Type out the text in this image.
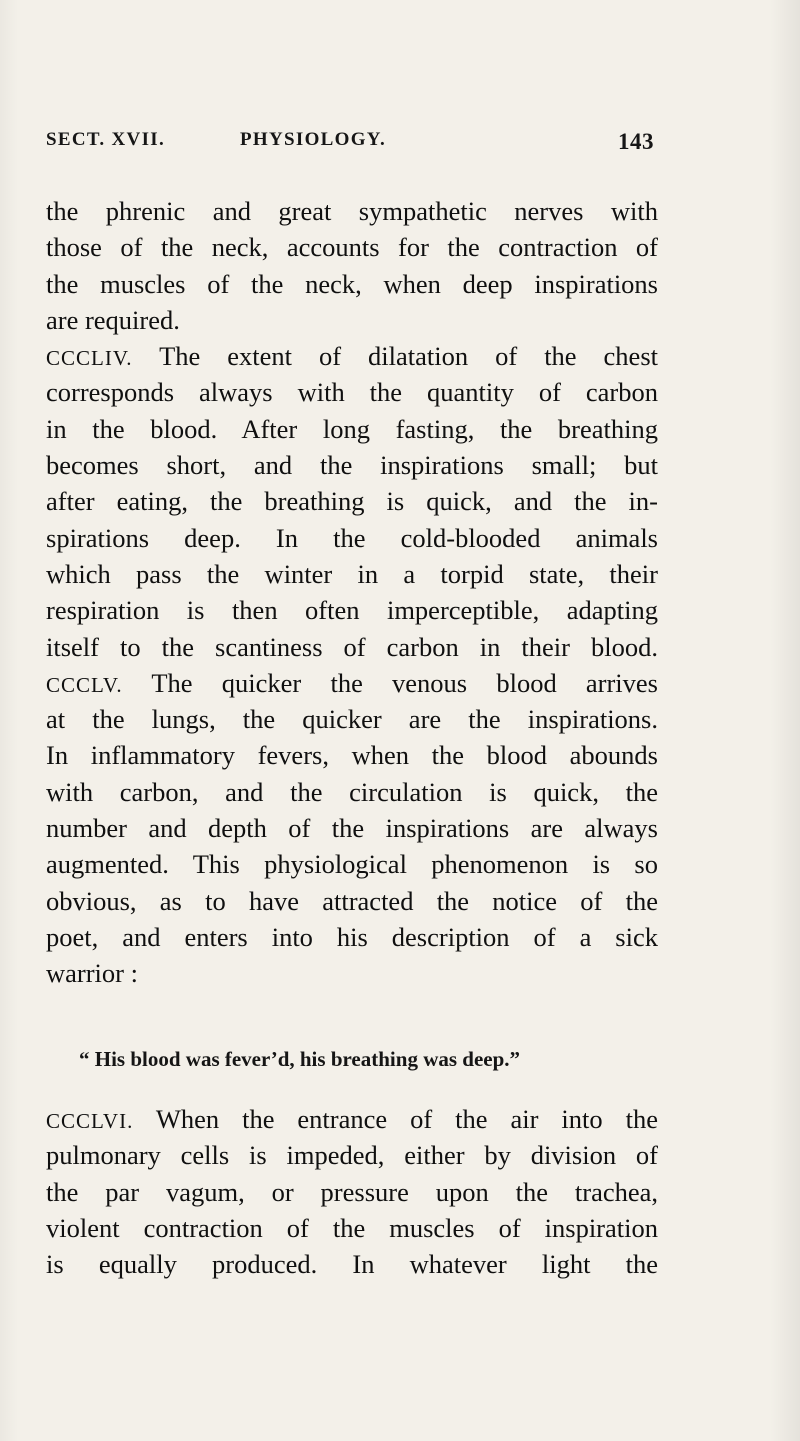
SECT. XVII.	PHYSIOLOGY.	143
the phrenic and great sympathetic nerves with
those of the neck, accounts for the contraction of
the muscles of the neck, when deep inspirations
are required.
CCCLIV. The extent of dilatation of the chest
corresponds always with the quantity of carbon
in the blood. After long fasting, the breathing
becomes short, and the inspirations small; but
after eating, the breathing is quick, and the in-
spirations deep. In the cold-blooded animals
which pass the winter in a torpid state, their
respiration is then often imperceptible, adapting
itself to the scantiness of carbon in their blood.
CCCLV. The quicker the venous blood arrives
at the lungs, the quicker are the inspirations.
In inflammatory fevers, when the blood abounds
with carbon, and the circulation is quick, the
number and depth of the inspirations are always
augmented. This physiological phenomenon is so
obvious, as to have attracted the notice of the
poet, and enters into his description of a sick
warrior :
“ His blood was fever’d, his breathing was deep.”
CCCLVI. When the entrance of the air into the
pulmonary cells is impeded, either by division of
the par vagum, or pressure upon the trachea,
violent contraction of the muscles of inspiration
is equally produced. In whatever light the
